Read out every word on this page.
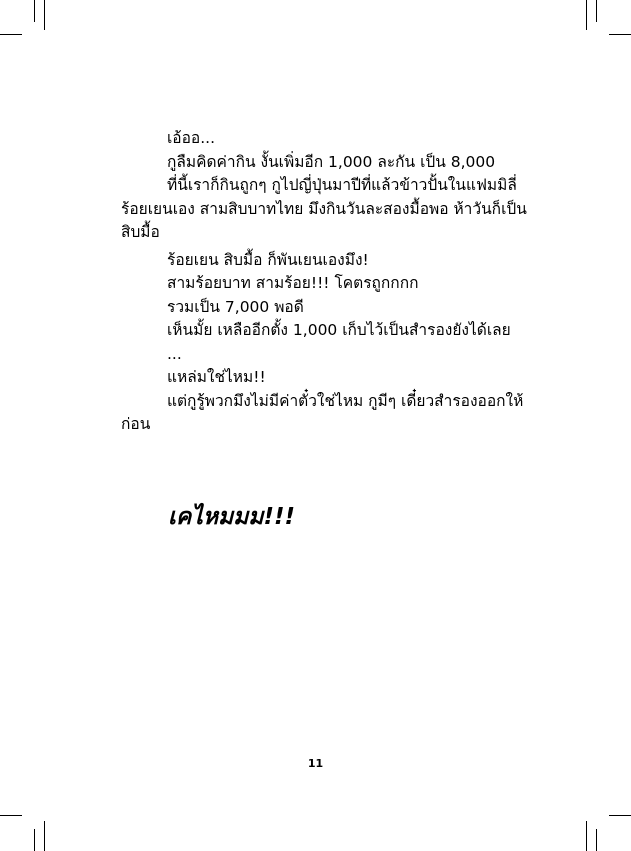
เอ้ออ...

กูลืมคิดค่ากิน งั้นเพิ่มอีก 1,000 ละกัน เป็น 8,000

ที่นี้เราก็กินถูกๆ กูไปญี่ปุ่นมาปีที่แล้วข้าวปั้นในแฟมมิลี่ร้อยเยนเอง สามสิบบาทไทย มึงกินวันละสองมื้อพอ ห้าวันก็เป็นสิบมื้อ

ร้อยเยน สิบมื้อ ก็พันเยนเองมึง!

สามร้อยบาท สามร้อย!!! โคตรถูกกกก

รวมเป็น 7,000 พอดี

เห็นมั้ย เหลืออีกตั้ง 1,000 เก็บไว้เป็นสำรองยังได้เลย

...

แหล่มใช่ไหม!!

แต่กูรู้พวกมึงไม่มีค่าตั๋วใช่ไหม กูมีๆ เดี๋ยวสำรองออกให้ก่อน

เคไหมมม!!!
11
